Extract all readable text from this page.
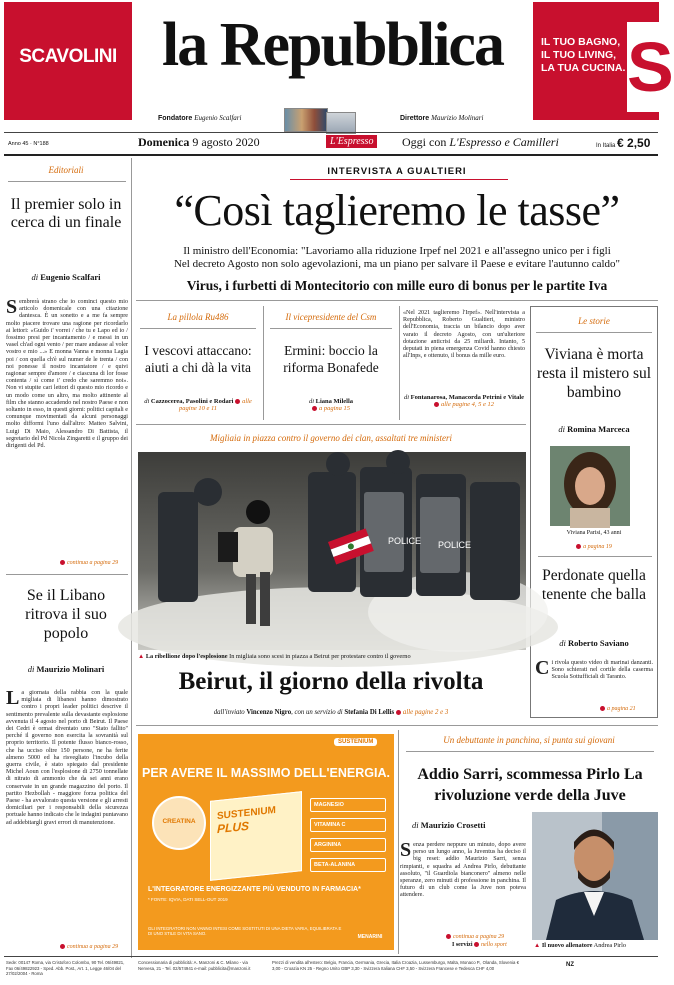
SCAVOLINI la Repubblica	IL TUO BAGNO,
IL TUO LIVING,
LA TUA CUCINA. S
Fondatore Eugenio Scalfari	Direttore Maurizio Molinari
Anno 45 · N°188	Domenica 9 agosto 2020	L'Espresso	Oggi con L'Espresso e Camilleri	In Italia € 2,50
Editoriali
Il premier solo in cerca di un finale
di Eugenio Scalfari
Sembrerà strano che io cominci questo mio articolo domenicale con una citazione dantesca. È un sonetto e a me fa sempre molto piacere trovare una ragione per ricordarlo ai lettori: «Guido i' vorrei / che tu e Lapo ed io / fossimo presi per incantamento / e messi in un vasel ch'ad ogni vento / per mare andasse al voler vostro e mio ...» E monna Vanna e monna Lagia poi / con quella ch'è sul numer de le trenta / con noi ponesse il nostro incantatore / e quivi ragionar sempre d'amore / e ciascuna di lor fosse contenta / sì come i' credo che saremmo noi». Non vi stupite cari lettori di questo mio ricordo e un modo come un altro, ma molto attinente al film che stanno accadendo nel nostro Paese e non soltanto in esso, in questi giorni: politici capitali e comunque movimentati da alcuni personaggi molto difformi l'uno dall'altro: Matteo Salvini, Luigi Di Maio, Alessandro Di Battista, il segretario del Pd Nicola Zingaretti e il gruppo dei dirigenti del Pd.
continua a pagina 29
Se il Libano ritrova il suo popolo
di Maurizio Molinari
La giornata della rabbia con la quale migliaia di libanesi hanno dimostrato contro i propri leader politici descrive il sentimento prevalente sulla devastante esplosione avvenuta il 4 agosto nel porto di Beirut. Il Paese dei Cedri è ormai diventato uno "Stato fallito" perché il governo non esercita la sovranità sul proprio territorio. Il potente flusso bianco-rosso, che ha ucciso oltre 150 persone, ne ha ferite almeno 5000 ed ha risvegliato l'incubo della guerra civile, è stato spiegato dal presidente Michel Aoun con l'esplosione di 2750 tonnellate di nitrato di ammonio che da sei anni erano conservate in un grande magazzino del porto. Il partito Hezbollah - maggiore forza politica del Paese - ha avvalorato questa versione e gli arresti domiciliari per i responsabili della sicurezza portuale hanno indicato che le indagini puntavano ad addebitargli gravi errori di manutenzione.
continua a pagina 29
INTERVISTA A GUALTIERI
“Così taglieremo le tasse”
Il ministro dell'Economia: "Lavoriamo alla riduzione Irpef nel 2021 e all'assegno unico per i figli
Nel decreto Agosto non solo agevolazioni, ma un piano per salvare il Paese e evitare l'autunno caldo"
Virus, i furbetti di Montecitorio con mille euro di bonus per le partite Iva
La pillola Ru486
I vescovi attaccano: aiuti a chi dà la vita
di Cazzocerea, Pasolini e Rodari alle pagine 10 e 11
Il vicepresidente del Csm
Ermini: boccio la riforma Bonafede
di Liana Milella
a pagina 15
«Nel 2021 taglieremo l'Irpef». Nell'intervista a Repubblica, Roberto Gualtieri, ministro dell'Economia, traccia un bilancio dopo aver varato il decreto Agosto, con un'ulteriore dotazione anticrisi da 25 miliardi. Intanto, 5 deputati in piena emergenza Covid hanno chiesto all'Inps, e ottenuto, il bonus da mille euro.
di Fontanarosa, Manacorda Petrini e Vitale alle pagine 4, 5 e 12
Le storie
Viviana è morta resta il mistero sul bambino
di Romina Marceca
Viviana Parisi, 43 anni
a pagina 19
Perdonate quella tenente che balla
di Roberto Saviano
Ci rivola questo video di marinai danzanti. Sono schierati nel cortile della caserma Scuola Sottufficiali di Taranto.
a pagina 21
Migliaia in piazza contro il governo dei clan, assaltati tre ministeri
POLICE POLICE
▲ La ribellione dopo l'esplosione In migliaia sono scesi in piazza a Beirut per protestare contro il governo
Beirut, il giorno della rivolta
dall'inviato Vincenzo Nigro, con un servizio di Stefania Di Lellis alle pagine 2 e 3
SUSTENIUM
PER AVERE IL MASSIMO DELL'ENERGIA.
CREATINA	SUSTENIUM
PLUS
MAGNESIO
VITAMINA C
ARGININA
BETA-ALANINA
L'INTEGRATORE ENERGIZZANTE PIÙ VENDUTO IN FARMACIA*
* FONTE: IQVIA, DATI SELL-OUT 2019
GLI INTEGRATORI NON VANNO INTESI COME SOSTITUTI DI UNA DIETA VARIA, EQUILIBRATA E DI UNO STILE DI VITA SANO.
MENARINI
Un debuttante in panchina, si punta sui giovani
Addio Sarri, scommessa Pirlo La rivoluzione verde della Juve
di Maurizio Crosetti
Senza perdere neppure un minuto, dopo avere perso un lungo anno, la Juventus ha deciso il big reset: addio Maurizio Sarri, senza rimpianti, e squadra ad Andrea Pirlo, debuttante assoluto, "il Guardiola bianconero" almeno nelle speranze, zero minuti di professione in panchina. Il futuro di un club come la Juve non poteva attendere.
continua a pagina 29
I servizi nello sport	▲ Il nuovo allenatore Andrea Pirlo
Sede: 00147 Roma, via Cristoforo Colombo, 90 Tel. 06/49821, Fax 06/49822923 - Sped. Abb. Post., Art. 1, Legge 46/04 del 27/02/2004 - Roma
Concessionaria di pubblicità: A. Manzoni & C. Milano - via Nervesa, 21 - Tel. 02/574941 e-mail: pubblicita@manzoni.it
Prezzi di vendita all'estero: Belgio, Francia, Germania, Grecia, Italia Croazia, Lussemburgo, Malta, Monaco P., Olanda, Slovenia € 3,00 - Croazia KN 25 - Regno Unito GBP 3,30 - Svizzera Italiana CHF 3,50 - Svizzera Francese e Tedesca CHF 4,00	NZ
